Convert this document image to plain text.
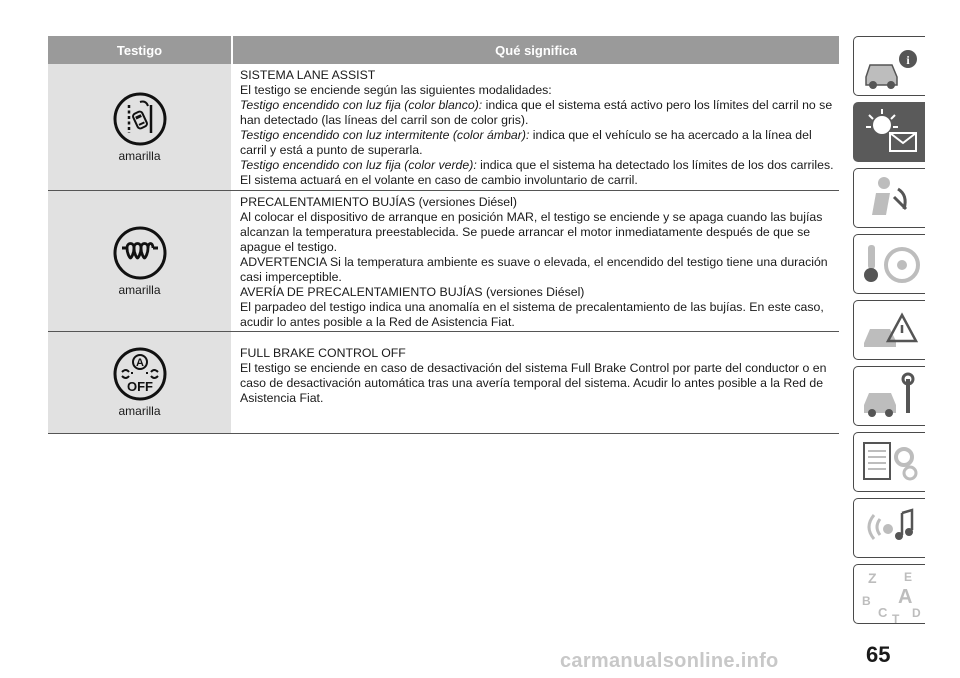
Testigo	Qué significa
amarilla

SISTEMA LANE ASSIST

El testigo se enciende según las siguientes modalidades:

Testigo encendido con luz fija (color blanco): indica que el sistema está activo pero los límites del carril no se han detectado (las líneas del carril son de color gris).

Testigo encendido con luz intermitente (color ámbar): indica que el vehículo se ha acercado a la línea del carril y está a punto de superarla.

Testigo encendido con luz fija (color verde): indica que el sistema ha detectado los límites de los dos carriles. El sistema actuará en el volante en caso de cambio involuntario de carril.

amarilla

PRECALENTAMIENTO BUJÍAS (versiones Diésel)

Al colocar el dispositivo de arranque en posición MAR, el testigo se enciende y se apaga cuando las bujías alcanzan la temperatura preestablecida. Se puede arrancar el motor inmediatamente después de que se apague el testigo.

ADVERTENCIA Si la temperatura ambiente es suave o elevada, el encendido del testigo tiene una duración casi imperceptible.

AVERÍA DE PRECALENTAMIENTO BUJÍAS (versiones Diésel)

El parpadeo del testigo indica una anomalía en el sistema de precalentamiento de las bujías. En este caso, acudir lo antes posible a la Red de Asistencia Fiat.

A
OFF
amarilla

FULL BRAKE CONTROL OFF

El testigo se enciende en caso de desactivación del sistema Full Brake Control por parte del conductor o en caso de desactivación automática tras una avería temporal del sistema. Acudir lo antes posible a la Red de Asistencia Fiat.

i
Z E
B A
C D
T
65
carmanualsonline.info
